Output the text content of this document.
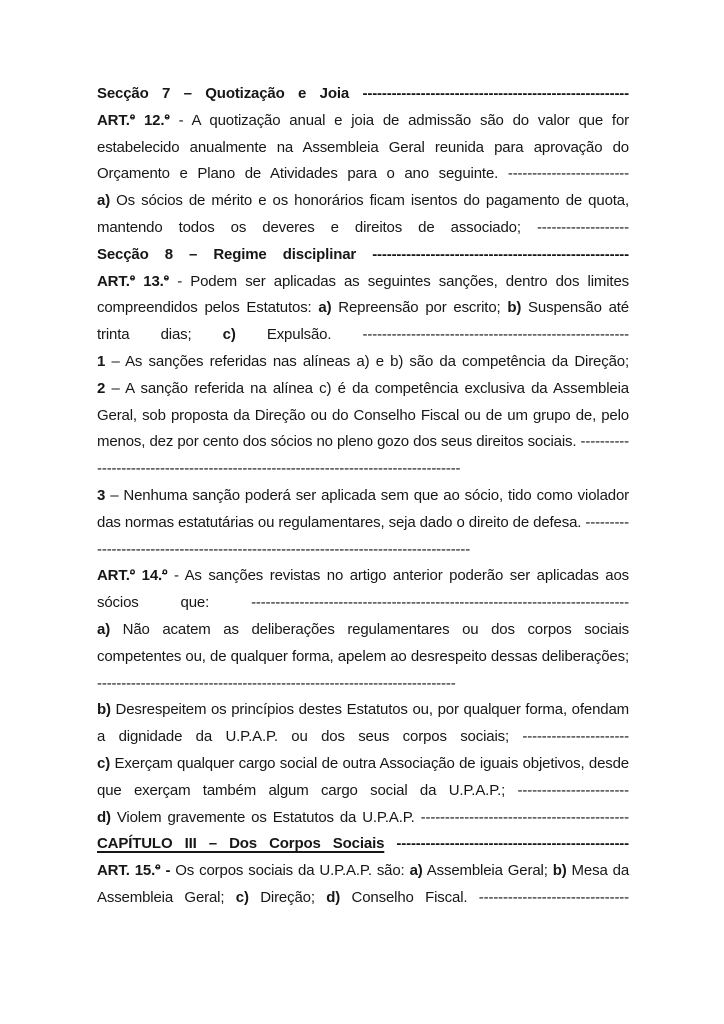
Secção 7 – Quotização e Joia -------------------------------------------------------

ART.º 12.º - A quotização anual e joia de admissão são do valor que for estabelecido anualmente na Assembleia Geral reunida para aprovação do Orçamento e Plano de Atividades para o ano seguinte. -------------------------

a) Os sócios de mérito e os honorários ficam isentos do pagamento de quota, mantendo todos os deveres e direitos de associado; -------------------

Secção 8 – Regime disciplinar -----------------------------------------------------

ART.º 13.º - Podem ser aplicadas as seguintes sanções, dentro dos limites compreendidos pelos Estatutos: a) Repreensão por escrito; b) Suspensão até trinta dias; c) Expulsão. -------------------------------------------------------

1 – As sanções referidas nas alíneas a) e b) são da competência da Direção;

2 – A sanção referida na alínea c) é da competência exclusiva da Assembleia Geral, sob proposta da Direção ou do Conselho Fiscal ou de um grupo de, pelo menos, dez por cento dos sócios no pleno gozo dos seus direitos sociais. -------------------------------------------------------------------------------------

3 – Nenhuma sanção poderá ser aplicada sem que ao sócio, tido como violador das normas estatutárias ou regulamentares, seja dado o direito de defesa. --------------------------------------------------------------------------------------

ART.º 14.º - As sanções revistas no artigo anterior poderão ser aplicadas aos sócios que: ------------------------------------------------------------------------------

a) Não acatem as deliberações regulamentares ou dos corpos sociais competentes ou, de qualquer forma, apelem ao desrespeito dessas deliberações; --------------------------------------------------------------------------

b) Desrespeitem os princípios destes Estatutos ou, por qualquer forma, ofendam a dignidade da U.P.A.P. ou dos seus corpos sociais; ----------------------

c) Exerçam qualquer cargo social de outra Associação de iguais objetivos, desde que exerçam também algum cargo social da U.P.A.P.; -----------------------

d) Violem gravemente os Estatutos da U.P.A.P. -------------------------------------------

CAPÍTULO III – Dos Corpos Sociais ------------------------------------------------

ART. 15.º - Os corpos sociais da U.P.A.P. são: a) Assembleia Geral; b) Mesa da Assembleia Geral; c) Direção; d) Conselho Fiscal. -------------------------------
